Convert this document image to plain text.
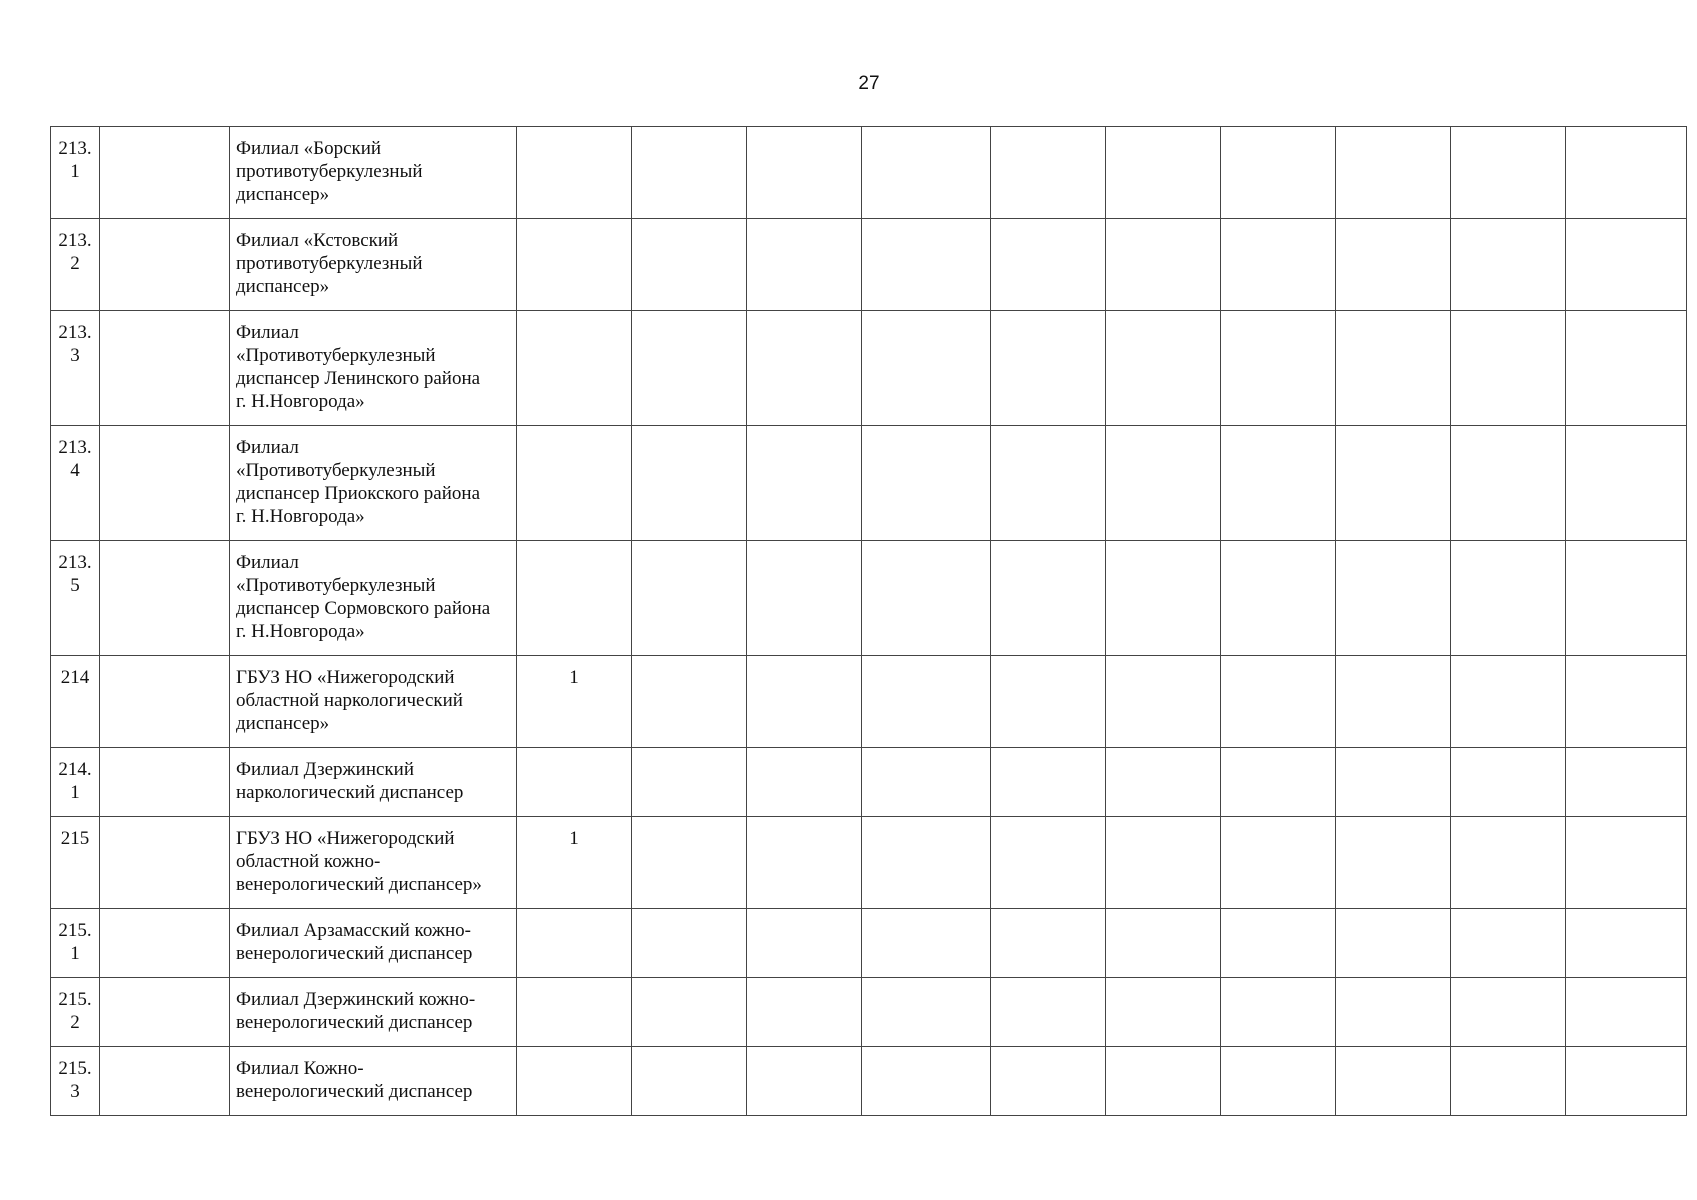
27
213.
1		Филиал «Борский
противотуберкулезный
диспансер»										
213.
2		Филиал «Кстовский
противотуберкулезный
диспансер»										
213.
3		Филиал
«Противотуберкулезный
диспансер Ленинского района
г. Н.Новгорода»										
213.
4		Филиал
«Противотуберкулезный
диспансер Приокского района
г. Н.Новгорода»										
213.
5		Филиал
«Противотуберкулезный
диспансер Сормовского района
г. Н.Новгорода»										
214		ГБУЗ НО «Нижегородский
областной наркологический
диспансер»	1									
214.
1		Филиал Дзержинский
наркологический диспансер										
215		ГБУЗ НО «Нижегородский
областной кожно-
венерологический диспансер»	1									
215.
1		Филиал Арзамасский кожно-
венерологический диспансер										
215.
2		Филиал Дзержинский кожно-
венерологический диспансер										
215.
3		Филиал Кожно-
венерологический диспансер										
